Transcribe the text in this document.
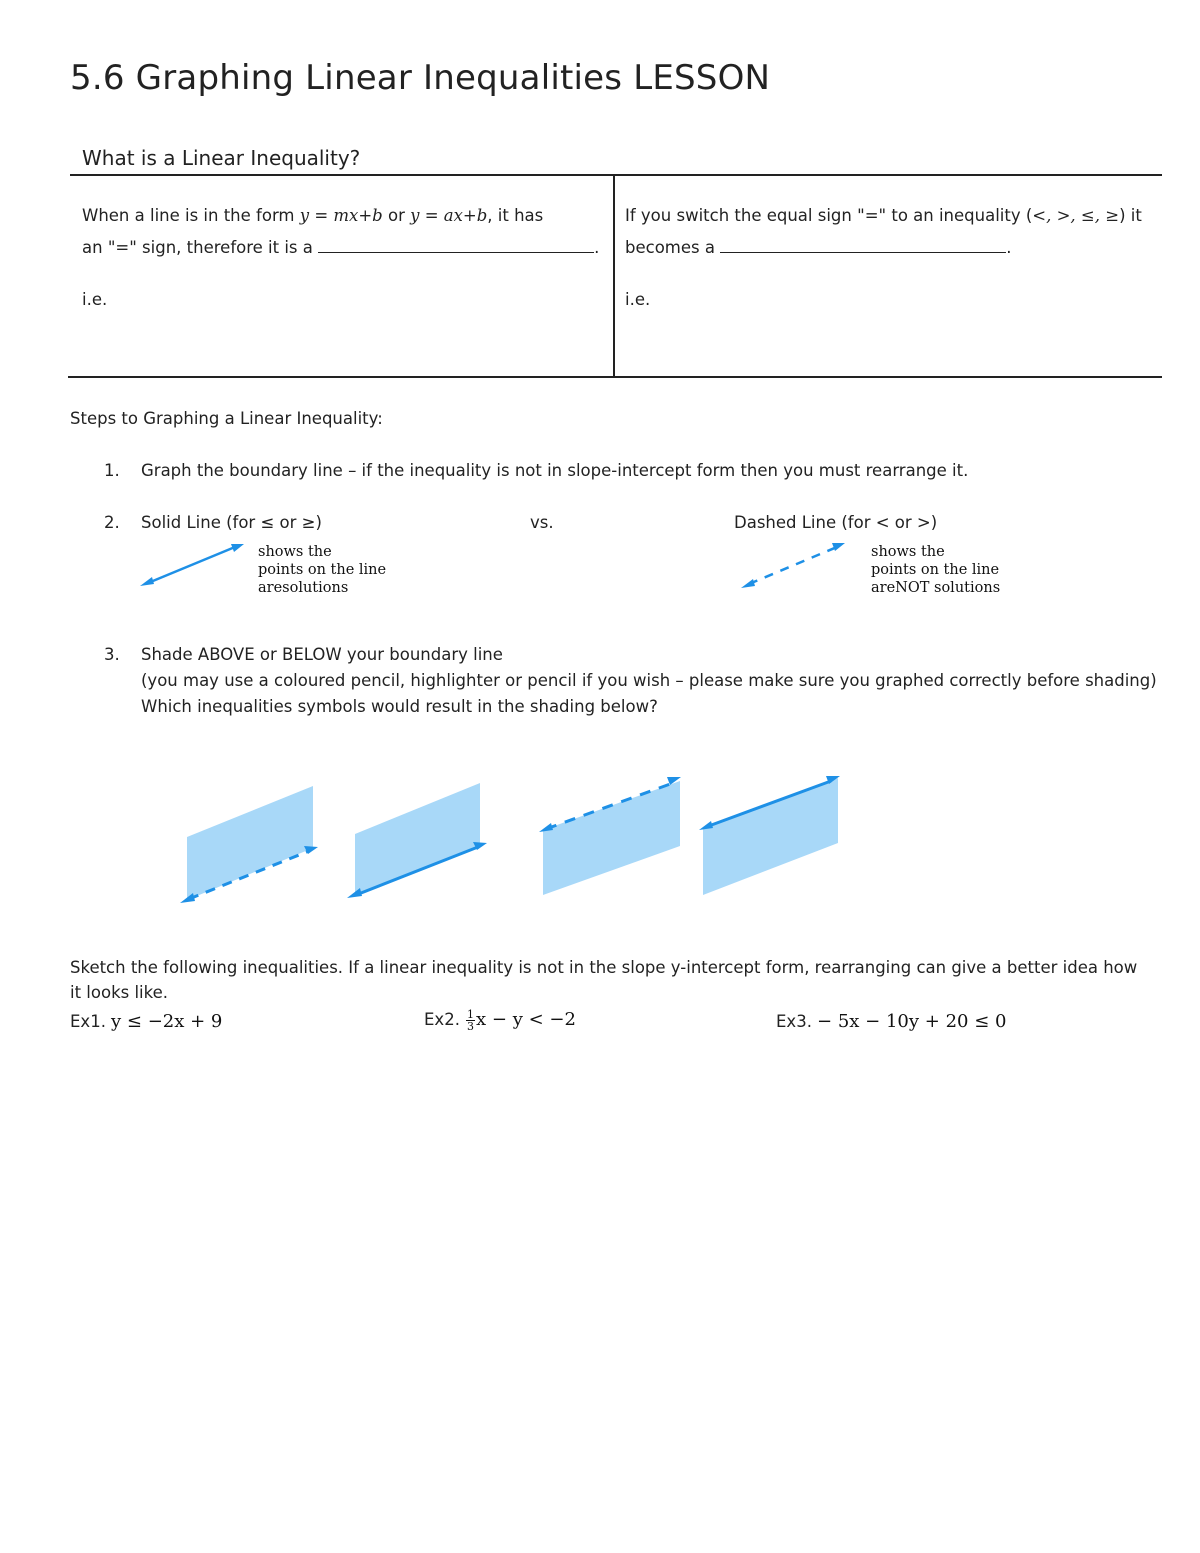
5.6 Graphing Linear Inequalities LESSON
What is a Linear Inequality?
When a line is in the form y = mx+b or y = ax+b, it has
an "=" sign, therefore it is a	.
i.e.
If you switch the equal sign "=" to an inequality (<, >, ≤, ≥) it
becomes a	.
i.e.
Steps to Graphing a Linear Inequality:
1. Graph the boundary line – if the inequality is not in slope-intercept form then you must rearrange it.
2. Solid Line (for ≤ or ≥)	vs.	Dashed Line (for < or >)
shows the
points on the line
aresolutions
shows the
points on the line
areNOT solutions
3. Shade ABOVE or BELOW your boundary line
(you may use a coloured pencil, highlighter or pencil if you wish – please make sure you graphed correctly before shading)
Which inequalities symbols would result in the shading below?
Sketch the following inequalities. If a linear inequality is not in the slope y-intercept form, rearranging can give a better idea how
it looks like.
Ex1. y ≤ −2x + 9	Ex2. $\frac{1}{3}$ x − y < −2	Ex3. − 5x − 10y + 20 ≤ 0
